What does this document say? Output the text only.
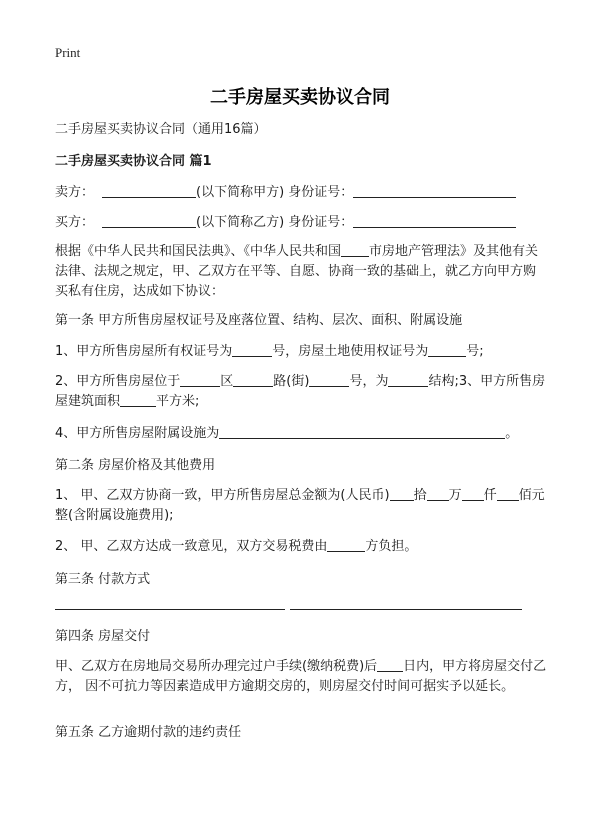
Print
二手房屋买卖协议合同
二手房屋买卖协议合同（通用16篇）
二手房屋买卖协议合同 篇1
卖方：	(以下简称甲方) 身份证号：
买方：	(以下简称乙方) 身份证号：

根据《中华人民共和国民法典》、《中华人民共和国 市房地产管理法》及其他有关法律、法规之规定，甲、乙双方在平等、自愿、协商一致的基础上，就乙方向甲方购买私有住房，达成如下协议：

第一条 甲方所售房屋权证号及座落位置、结构、层次、面积、附属设施
1、甲方所售房屋所有权证号为	号，房屋土地使用权证号为	号;

2、甲方所售房屋位于	区	路(街)	号，为	结构;3、甲方所售房屋建筑面积	平方米;

4、甲方所售房屋附属设施为	。
第二条 房屋价格及其他费用

1、 甲、乙双方协商一致，甲方所售房屋总金额为(人民币) 拾 万 仟 佰元整(含附属设施费用);

2、 甲、乙双方达成一致意见，双方交易税费由	方负担。
第三条 付款方式
第四条 房屋交付

甲、乙双方在房地局交易所办理完过户手续(缴纳税费)后 日内，甲方将房屋交付乙方， 因不可抗力等因素造成甲方逾期交房的，则房屋交付时间可据实予以延长。

第五条 乙方逾期付款的违约责任
